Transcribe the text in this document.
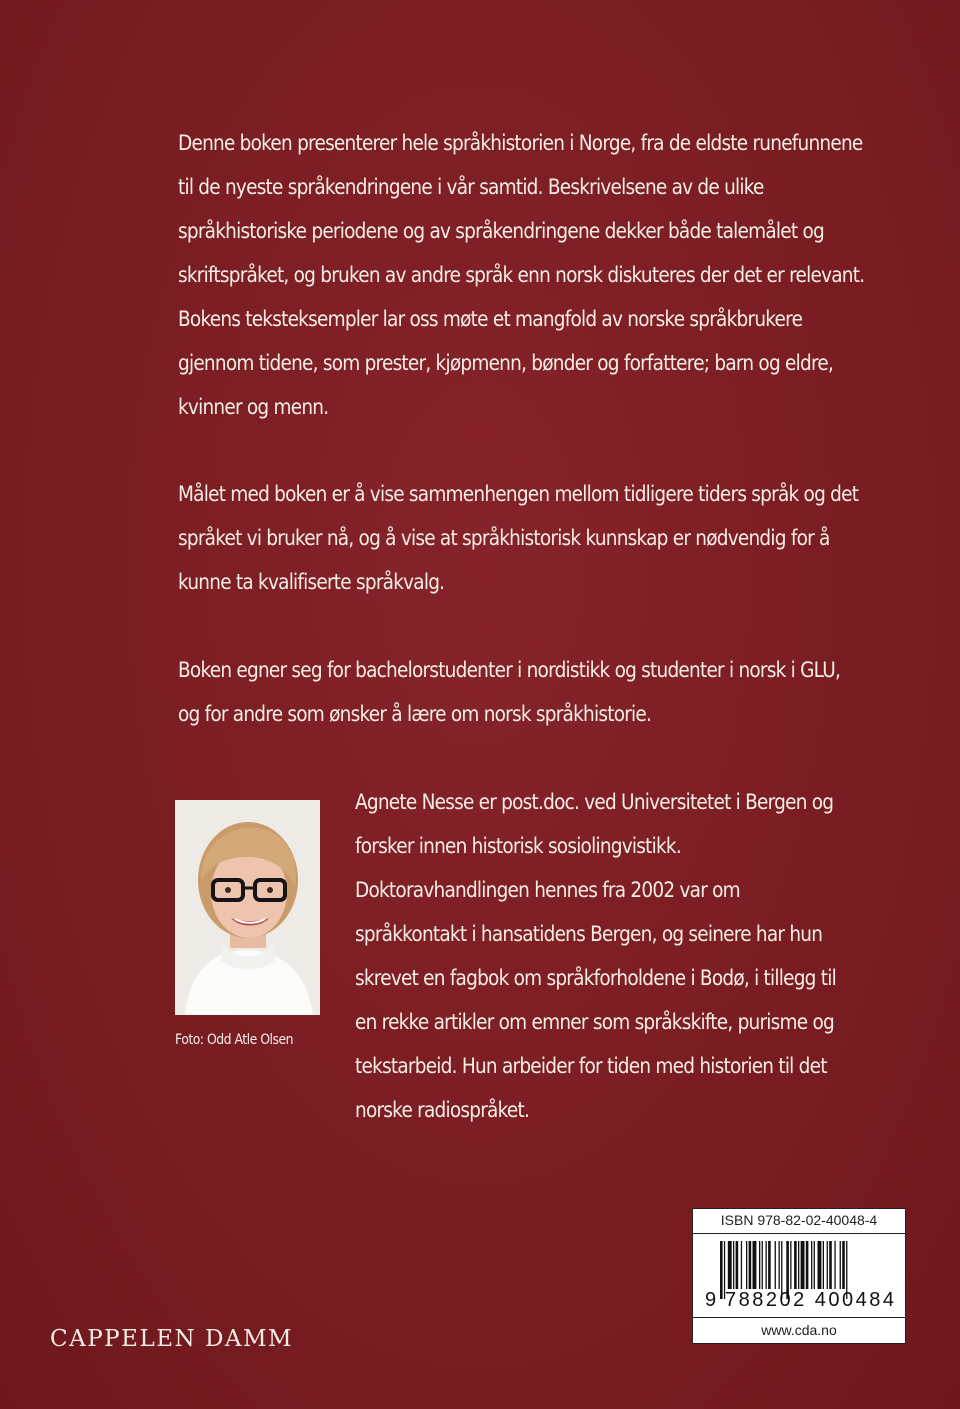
Denne boken presenterer hele språkhistorien i Norge, fra de eldste runefunnene til de nyeste språkendringene i vår samtid. Beskrivelsene av de ulike språkhistoriske periodene og av språkendringene dekker både talemålet og skriftspråket, og bruken av andre språk enn norsk diskuteres der det er relevant. Bokens teksteksempler lar oss møte et mangfold av norske språkbrukere gjennom tidene, som prester, kjøpmenn, bønder og forfattere; barn og eldre, kvinner og menn.

Målet med boken er å vise sammenhengen mellom tidligere tiders språk og det språket vi bruker nå, og å vise at språkhistorisk kunnskap er nødvendig for å kunne ta kvalifiserte språkvalg.

Boken egner seg for bachelorstudenter i nordistikk og studenter i norsk i GLU, og for andre som ønsker å lære om norsk språkhistorie.

Foto: Odd Atle Olsen

Agnete Nesse er post.doc. ved Universitetet i Bergen og forsker innen historisk sosiolingvistikk. Doktoravhandlingen hennes fra 2002 var om språkkontakt i hansatidens Bergen, og seinere har hun skrevet en fagbok om språkforholdene i Bodø, i tillegg til en rekke artikler om emner som språkskifte, purisme og tekstarbeid. Hun arbeider for tiden med historien til det norske radiospråket.

CAPPELEN DAMM
ISBN 978-82-02-40048-4
9 788202 400484
www.cda.no
